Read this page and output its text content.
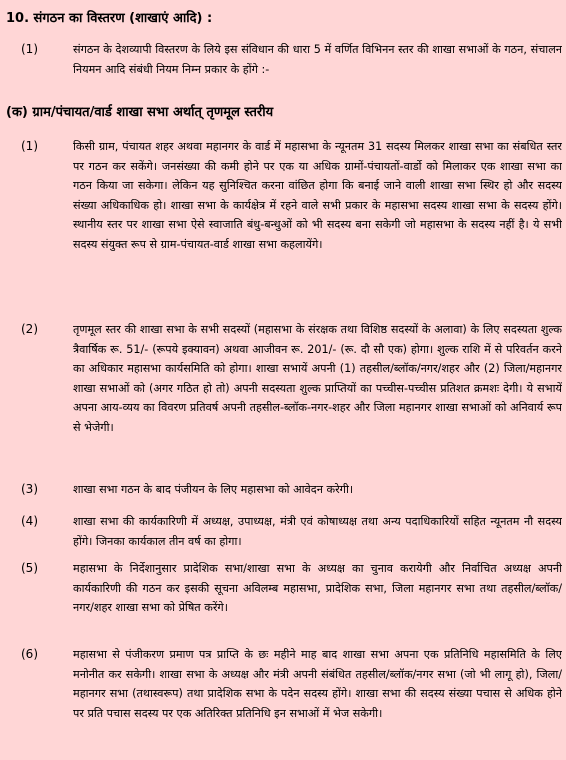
10. संगठन का विस्तरण (शाखाएं आदि) :
(1)	संगठन के देशव्यापी विस्तरण के लिये इस संविधान की धारा 5 में वर्णित विभिनन स्तर की शाखा सभाओं के गठन, संचालन नियमन आदि संबंधी नियम निम्न प्रकार के होंगे :-
(क) ग्राम/पंचायत/वार्ड शाखा सभा अर्थात् तृणमूल स्तरीय
(1)	किसी ग्राम, पंचायत शहर अथवा महानगर के वार्ड में महासभा के न्यूनतम 31 सदस्य मिलकर शाखा सभा का संबधित स्तर पर गठन कर सकेंगे। जनसंख्या की कमी होने पर एक या अधिक ग्रामों-पंचायतों-वार्डो को मिलाकर एक शाखा सभा का गठन किया जा सकेगा। लेकिन यह सुनिश्चित करना वांछित होगा कि बनाई जाने वाली शाखा सभा स्थिर हो और सदस्य संख्या अधिकाधिक हो। शाखा सभा के कार्यक्षेत्र में रहने वाले सभी प्रकार के महासभा सदस्य शाखा सभा के सदस्य होंगे। स्थानीय स्तर पर शाखा सभा ऐसे स्वाजाति बंधु-बन्धुओं को भी सदस्य बना सकेगी जो महासभा के सदस्य नहीं है। ये सभी सदस्य संयुक्त रूप से ग्राम-पंचायत-वार्ड शाखा सभा कहलायेंगे।
(2)	तृणमूल स्तर की शाखा सभा के सभी सदस्यों (महासभा के संरक्षक तथा विशिष्ठ सदस्यों के अलावा) के लिए सदस्यता शुल्क त्रैवार्षिक रू. 51/- (रूपये इक्यावन) अथवा आजीवन रू. 201/- (रू. दौ सौ एक) होगा। शुल्क राशि में से परिवर्तन करने का अधिकार महासभा कार्यसमिति को होगा। शाखा सभायें अपनी (1) तहसील/ब्लॉक/नगर/शहर और (2) जिला/महानगर शाखा सभाओं को (अगर गठित हो तो) अपनी सदस्यता शुल्क प्राप्तियों का पच्चीस-पच्चीस प्रतिशत क्रमशः देगी। ये सभायें अपना आय-व्यय का विवरण प्रतिवर्ष अपनी तहसील-ब्लॉक-नगर-शहर और जिला महानगर शाखा सभाओं को अनिवार्य रूप से भेजेगी।
(3)	शाखा सभा गठन के बाद पंजीयन के लिए महासभा को आवेदन करेगी।
(4)	शाखा सभा की कार्यकारिणी में अध्यक्ष, उपाध्यक्ष, मंत्री एवं कोषाध्यक्ष तथा अन्य पदाधिकारियों सहित न्यूनतम नौ सदस्य होंगे। जिनका कार्यकाल तीन वर्ष का होगा।
(5)	महासभा के निर्देशानुसार प्रादेशिक सभा/शाखा सभा के अध्यक्ष का चुनाव करायेगी और निर्वाचित अध्यक्ष अपनी कार्यकारिणी की गठन कर इसकी सूचना अविलम्ब महासभा, प्रादेशिक सभा, जिला महानगर सभा तथा तहसील/ब्लॉक/नगर/शहर शाखा सभा को प्रेषित करेंगे।
(6)	महासभा से पंजीकरण प्रमाण पत्र प्राप्ति के छः महीने माह बाद शाखा सभा अपना एक प्रतिनिधि महासमिति के लिए मनोनीत कर सकेगी। शाखा सभा के अध्यक्ष और मंत्री अपनी संबंधित तहसील/ब्लॉक/नगर सभा (जो भी लागू हो), जिला/महानगर सभा (तथास्वरूप) तथा प्रादेशिक सभा के पदेन सदस्य होंगे। शाखा सभा की सदस्य संख्या पचास से अधिक होने पर प्रति पचास सदस्य पर एक अतिरिक्त प्रतिनिधि इन सभाओं में भेज सकेगी।
